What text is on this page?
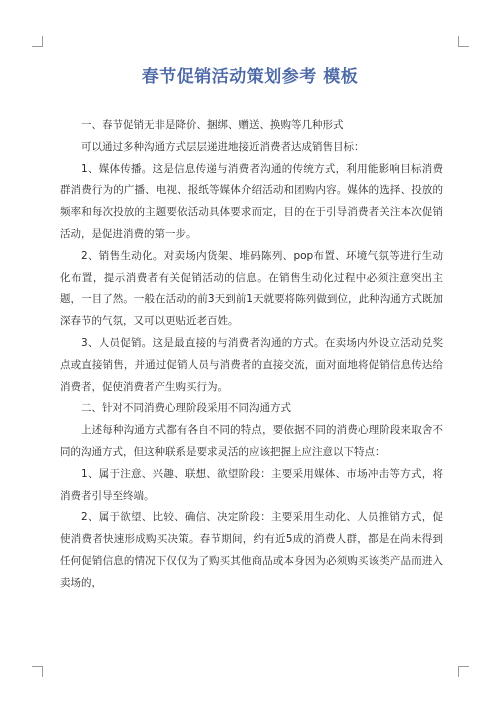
春节促销活动策划参考 模板

一、春节促销无非是降价、捆绑、赠送、换购等几种形式

可以通过多种沟通方式层层递进地接近消费者达成销售目标：

1、媒体传播。这是信息传递与消费者沟通的传统方式，利用能影响目标消费群消费行为的广播、电视、报纸等媒体介绍活动和团购内容。媒体的选择、投放的频率和每次投放的主题要依活动具体要求而定，目的在于引导消费者关注本次促销活动，是促进消费的第一步。

2、销售生动化。对卖场内货架、堆码陈列、pop布置、环境气氛等进行生动化布置，提示消费者有关促销活动的信息。在销售生动化过程中必须注意突出主题，一目了然。一般在活动的前3天到前1天就要将陈列做到位，此种沟通方式既加深春节的气氛，又可以更贴近老百姓。

3、人员促销。这是最直接的与消费者沟通的方式。在卖场内外设立活动兑奖点或直接销售，并通过促销人员与消费者的直接交流，面对面地将促销信息传达给消费者，促使消费者产生购买行为。

二、针对不同消费心理阶段采用不同沟通方式

上述每种沟通方式都有各自不同的特点，要依据不同的消费心理阶段来取舍不同的沟通方式，但这种联系是要求灵活的应该把握上应注意以下特点：

1、属于注意、兴趣、联想、欲望阶段：主要采用媒体、市场冲击等方式，将消费者引导至终端。

2、属于欲望、比较、确信、决定阶段：主要采用生动化、人员推销方式，促使消费者快速形成购买决策。春节期间，约有近5成的消费人群，都是在尚未得到任何促销信息的情况下仅仅为了购买其他商品或本身因为必须购买该类产品而进入卖场的，
